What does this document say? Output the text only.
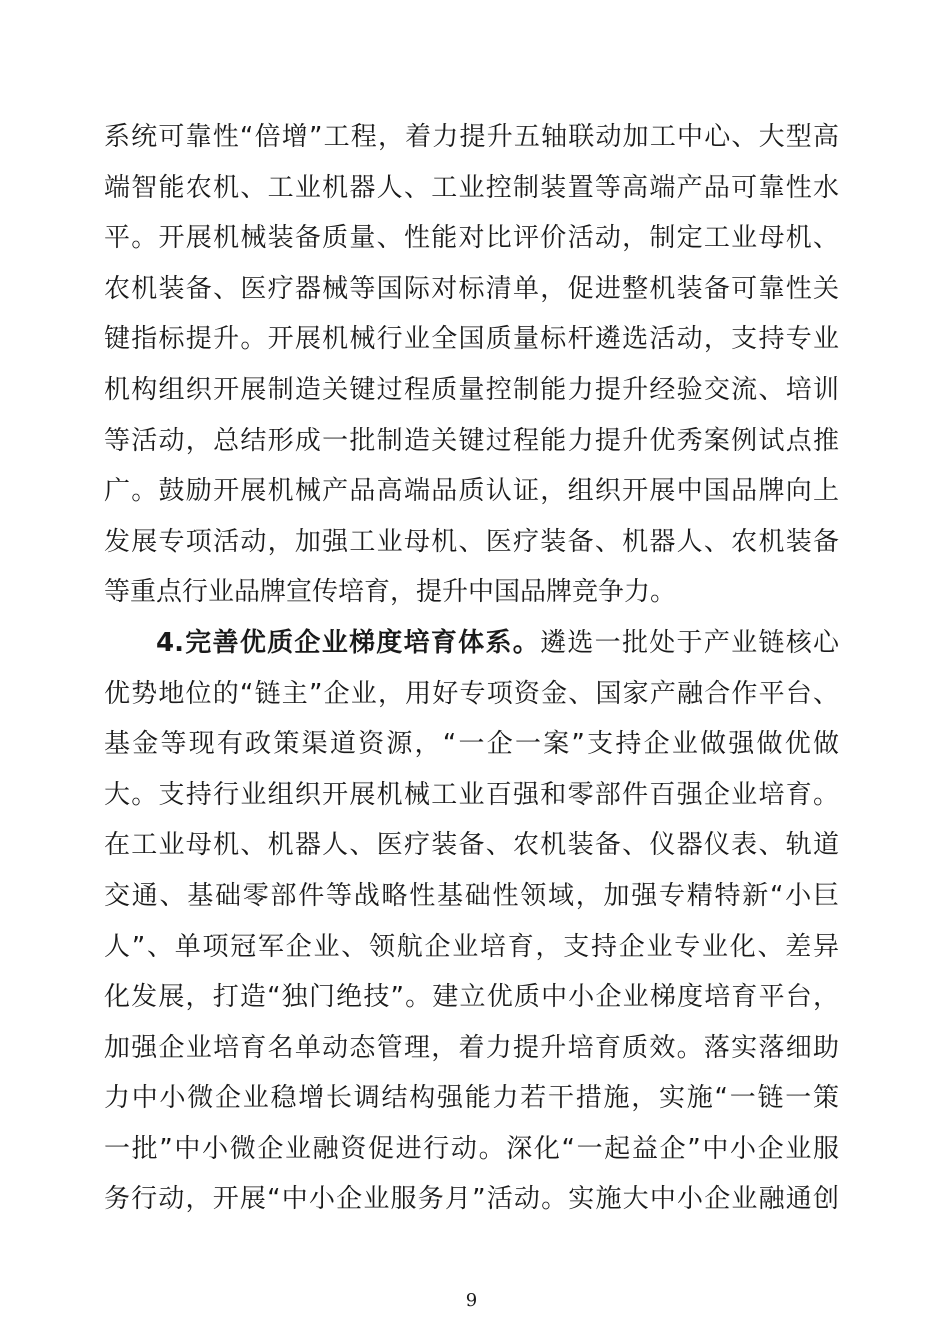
系统可靠性“倍增”工程，着力提升五轴联动加工中心、大型高
端智能农机、工业机器人、工业控制装置等高端产品可靠性水
平。开展机械装备质量、性能对比评价活动，制定工业母机、
农机装备、医疗器械等国际对标清单，促进整机装备可靠性关
键指标提升。开展机械行业全国质量标杆遴选活动，支持专业
机构组织开展制造关键过程质量控制能力提升经验交流、培训
等活动，总结形成一批制造关键过程能力提升优秀案例试点推
广。鼓励开展机械产品高端品质认证，组织开展中国品牌向上
发展专项活动，加强工业母机、医疗装备、机器人、农机装备
等重点行业品牌宣传培育，提升中国品牌竞争力。
4.完善优质企业梯度培育体系。遴选一批处于产业链核心
优势地位的“链主”企业，用好专项资金、国家产融合作平台、
基金等现有政策渠道资源，“一企一案”支持企业做强做优做
大。支持行业组织开展机械工业百强和零部件百强企业培育。
在工业母机、机器人、医疗装备、农机装备、仪器仪表、轨道
交通、基础零部件等战略性基础性领域，加强专精特新“小巨
人”、单项冠军企业、领航企业培育，支持企业专业化、差异
化发展，打造“独门绝技”。建立优质中小企业梯度培育平台，
加强企业培育名单动态管理，着力提升培育质效。落实落细助
力中小微企业稳增长调结构强能力若干措施，实施“一链一策
一批”中小微企业融资促进行动。深化“一起益企”中小企业服
务行动，开展“中小企业服务月”活动。实施大中小企业融通创
9
